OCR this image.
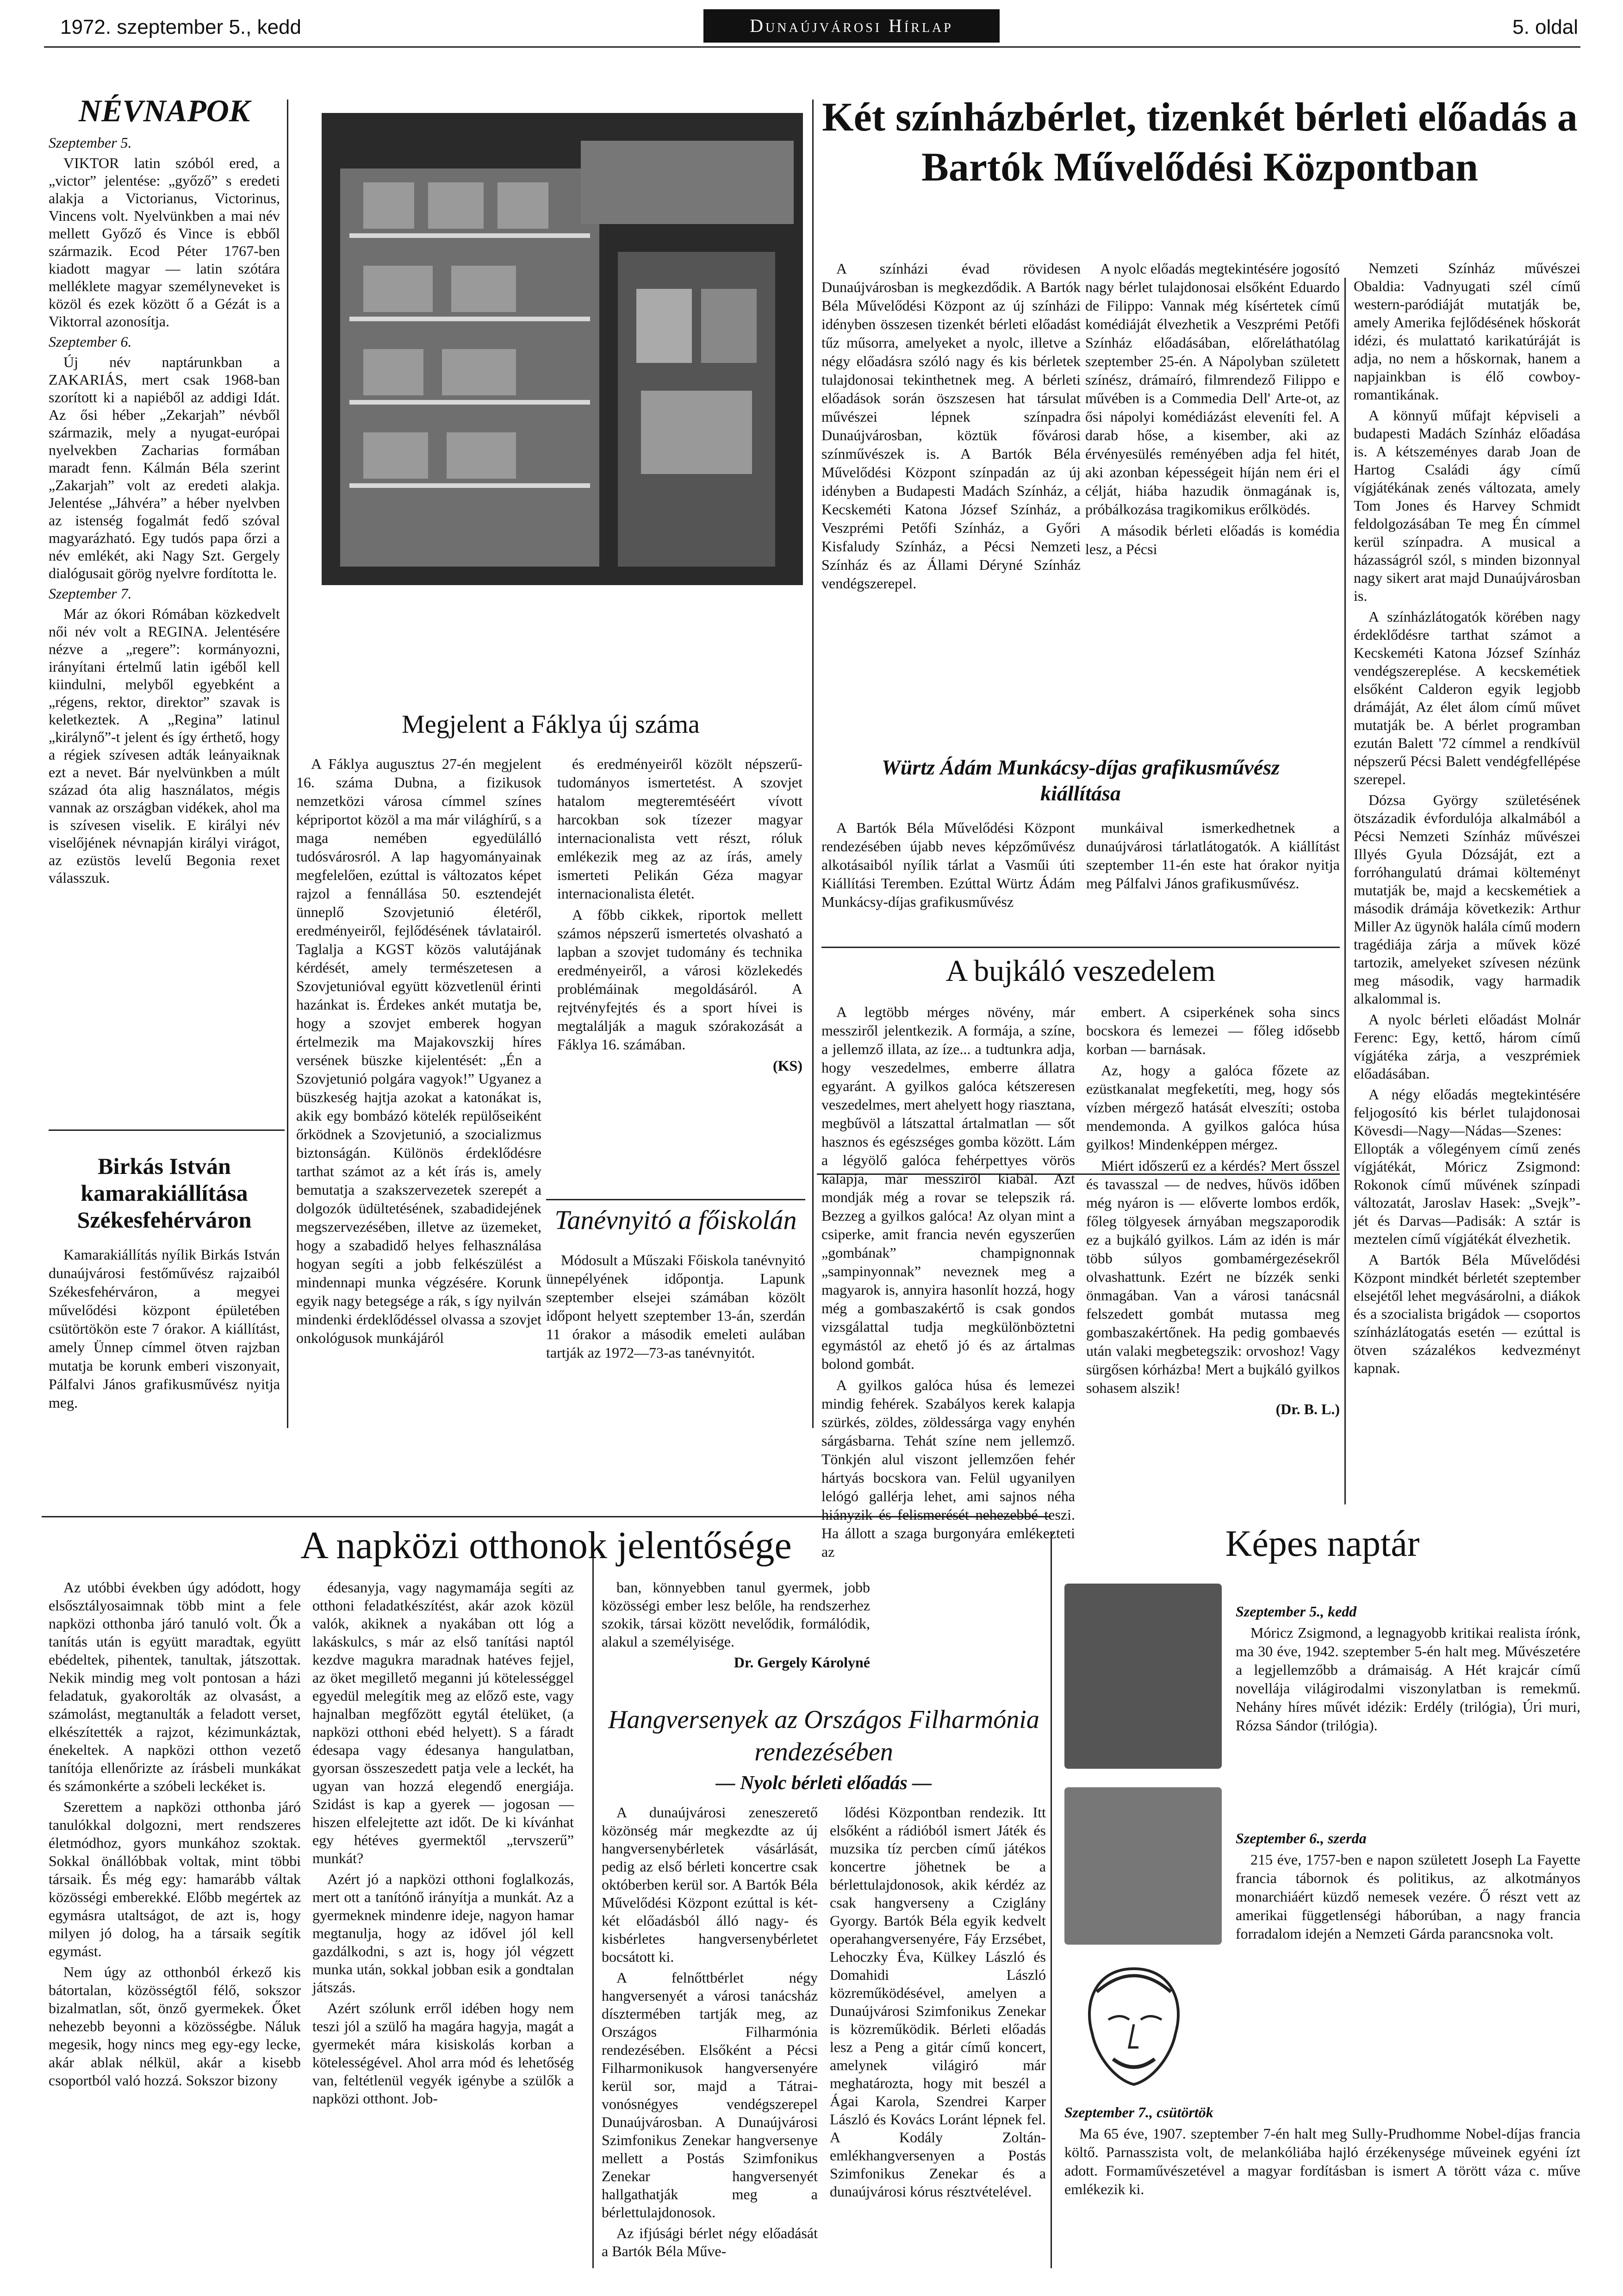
1972. szeptember 5., kedd	Dunaújvárosi Hírlap	5. oldal
NÉVNAPOK

Szeptember 5.

VIKTOR latin szóból ered, a „victor” jelentése: „győző” s eredeti alakja a Victorianus, Victorinus, Vincens volt. Nyelvünkben a mai név mellett Győző és Vince is ebből származik. Ecod Péter 1767-ben kiadott magyar — latin szótára melléklete magyar személyneveket is közöl és ezek között ő a Gézát is a Viktorral azonosítja.

Szeptember 6.

Új név naptárunkban a ZAKARIÁS, mert csak 1968-ban szorított ki a napiéből az addigi Idát. Az ősi héber „Zekarjah” névből származik, mely a nyugat-európai nyelvekben Zacharias formában maradt fenn. Kálmán Béla szerint „Zakarjah” volt az eredeti alakja. Jelentése „Jáhvéra” a héber nyelvben az istenség fogalmát fedő szóval magyarázható. Egy tudós papa őrzi a név emlékét, aki Nagy Szt. Gergely dialógusait görög nyelvre fordította le.

Szeptember 7.

Már az ókori Rómában közkedvelt női név volt a REGINA. Jelentésére nézve a „regere”: kormányozni, irányítani értelmű latin igéből kell kiindulni, melyből egyebként a „régens, rektor, direktor” szavak is keletkeztek. A „Regina” latinul „királynő”-t jelent és így érthető, hogy a régiek szívesen adták leányaiknak ezt a nevet. Bár nyelvünkben a múlt század óta alig használatos, mégis vannak az országban vidékek, ahol ma is szívesen viselik. E királyi név viselőjének névnapján királyi virágot, az ezüstös levelű Begonia rexet válasszuk.

Birkás István kamarakiállítása Székesfehérváron

Kamarakiállítás nyílik Birkás István dunaújvárosi festőművész rajzaiból Székesfehérváron, a megyei művelődési központ épületében csütörtökön este 7 órakor. A kiállítást, amely Ünnep címmel ötven rajzban mutatja be korunk emberi viszonyait, Pálfalvi János grafikusművész nyitja meg.

Megjelent a Fáklya új száma

A Fáklya augusztus 27-én megjelent 16. száma Dubna, a fizikusok nemzetközi városa címmel színes képriportot közöl a ma már világhírű, s a maga nemében egyedülálló tudósvárosról. A lap hagyományainak megfelelően, ezúttal is változatos képet rajzol a fennállása 50. esztendejét ünneplő Szovjetunió életéről, eredményeiről, fejlődésének távlatairól. Taglalja a KGST közös valutájának kérdését, amely természetesen a Szovjetunióval együtt közvetlenül érinti hazánkat is. Érdekes ankét mutatja be, hogy a szovjet emberek hogyan értelmezik ma Majakovszkij híres versének büszke kijelentését: „Én a Szovjetunió polgára vagyok!” Ugyanez a büszkeség hajtja azokat a katonákat is, akik egy bombázó kötelék repülőseiként őrködnek a Szovjetunió, a szocializmus biztonságán. Különös érdeklődésre tarthat számot az a két írás is, amely bemutatja a szakszervezetek szerepét a dolgozók üdültetésének, szabadidejének megszervezésében, illetve az üzemeket, hogy a szabadidő helyes felhasználása hogyan segíti a jobb felkészülést a mindennapi munka végzésére. Korunk egyik nagy betegsége a rák, s így nyilván mindenki érdeklődéssel olvassa a szovjet onkológusok munkájáról

és eredményeiről közölt népszerű-tudományos ismertetést. A szovjet hatalom megteremtéséért vívott harcokban sok tízezer magyar internacionalista vett részt, róluk emlékezik meg az az írás, amely ismerteti Pelikán Géza magyar internacionalista életét.

A főbb cikkek, riportok mellett számos népszerű ismertetés olvasható a lapban a szovjet tudomány és technika eredményeiről, a városi közlekedés problémáinak megoldásáról. A rejtvényfejtés és a sport hívei is megtalálják a maguk szórakozását a Fáklya 16. számában.

(KS)

Tanévnyitó a főiskolán

Módosult a Műszaki Főiskola tanévnyitó ünnepélyének időpontja. Lapunk szeptember elsejei számában közölt időpont helyett szeptember 13-án, szerdán 11 órakor a második emeleti aulában tartják az 1972—73-as tanévnyitót.

Két színházbérlet, tizenkét bérleti előadás a Bartók Művelődési Központban

A színházi évad rövidesen Dunaújvárosban is megkezdődik. A Bartók Béla Művelődési Központ az új színházi idényben összesen tizenkét bérleti előadást tűz műsorra, amelyeket a nyolc, illetve a négy előadásra szóló nagy és kis bérletek tulajdonosai tekinthetnek meg. A bérleti előadások során öszszesen hat társulat művészei lépnek színpadra Dunaújvárosban, köztük fővárosi színművészek is. A Bartók Béla Művelődési Központ színpadán az új idényben a Budapesti Madách Színház, a Kecskeméti Katona József Színház, a Veszprémi Petőfi Színház, a Győri Kisfaludy Színház, a Pécsi Nemzeti Színház és az Állami Déryné Színház vendégszerepel.

A nyolc előadás megtekintésére jogosító nagy bérlet tulajdonosai elsőként Eduardo de Filippo: Vannak még kísértetek című komédiáját élvezhetik a Veszprémi Petőfi Színház előadásában, előreláthatólag szeptember 25-én. A Nápolyban született színész, drámaíró, filmrendező Filippo e művében is a Commedia Dell' Arte-ot, az ősi nápolyi komédiázást eleveníti fel. A darab hőse, a kisember, aki az érvényesülés reményében adja fel hitét, aki azonban képességeit híján nem éri el célját, hiába hazudik önmagának is, próbálkozása tragikomikus erőlködés.

A második bérleti előadás is komédia lesz, a Pécsi

Nemzeti Színház művészei Obaldia: Vadnyugati szél című western-paródiáját mutatják be, amely Amerika fejlődésének hőskorát idézi, és mulattató karikatúráját is adja, no nem a hőskornak, hanem a napjainkban is élő cowboy-romantikának.

A könnyű műfajt képviseli a budapesti Madách Színház előadása is. A kétszeményes darab Joan de Hartog Családi ágy című vígjátékának zenés változata, amely Tom Jones és Harvey Schmidt feldolgozásában Te meg Én címmel kerül színpadra. A musical a házasságról szól, s minden bizonnyal nagy sikert arat majd Dunaújvárosban is.

A színházlátogatók körében nagy érdeklődésre tarthat számot a Kecskeméti Katona József Színház vendégszereplése. A kecskemétiek elsőként Calderon egyik legjobb drámáját, Az élet álom című művet mutatják be. A bérlet programban ezután Balett '72 címmel a rendkívül népszerű Pécsi Balett vendégfellépése szerepel.

Dózsa György születésének ötszázadik évfordulója alkalmából a Pécsi Nemzeti Színház művészei Illyés Gyula Dózsáját, ezt a forróhangulatú drámai költeményt mutatják be, majd a kecskemétiek a második drámája következik: Arthur Miller Az ügynök halála című modern tragédiája zárja a művek közé tartozik, amelyeket szívesen nézünk meg második, vagy harmadik alkalommal is.

A nyolc bérleti előadást Molnár Ferenc: Egy, kettő, három című vígjátéka zárja, a veszprémiek előadásában.

A négy előadás megtekintésére feljogosító kis bérlet tulajdonosai Kövesdi—Nagy—Nádas—Szenes: Ellopták a vőlegényem című zenés vígjátékát, Móricz Zsigmond: Rokonok című művének színpadi változatát, Jaroslav Hasek: „Svejk”-jét és Darvas—Padisák: A sztár is meztelen című vígjátékát élvezhetik.

A Bartók Béla Művelődési Központ mindkét bérletét szeptember elsejétől lehet megvásárolni, a diákok és a szocialista brigádok — csoportos színházlátogatás esetén — ezúttal is ötven százalékos kedvezményt kapnak.

Würtz Ádám Munkácsy-díjas grafikusművész kiállítása

A Bartók Béla Művelődési Központ rendezésében újabb neves képzőművész alkotásaiból nyílik tárlat a Vasműi úti Kiállítási Teremben. Ezúttal Würtz Ádám Munkácsy-díjas grafikusművész

munkáival ismerkedhetnek a dunaújvárosi tárlatlátogatók. A kiállítást szeptember 11-én este hat órakor nyitja meg Pálfalvi János grafikusművész.

A bujkáló veszedelem

A legtöbb mérges növény, már messziről jelentkezik. A formája, a színe, a jellemző illata, az íze... a tudtunkra adja, hogy veszedelmes, emberre állatra egyaránt. A gyilkos galóca kétszeresen veszedelmes, mert ahelyett hogy riasztana, megbűvöl a látszattal ártalmatlan — sőt hasznos és egészséges gomba között. Lám a légyölő galóca fehérpettyes vörös kalapja, már messziről kiabál. Azt mondják még a rovar se telepszik rá. Bezzeg a gyilkos galóca! Az olyan mint a csiperke, amit francia nevén egyszerűen „gombának” champignonnak „sampinyonnak” neveznek meg a magyarok is, annyira hasonlít hozzá, hogy még a gombaszakértő is csak gondos vizsgálattal tudja megkülönböztetni egymástól az ehető jó és az ártalmas bolond gombát.

A gyilkos galóca húsa és lemezei mindig fehérek. Szabályos kerek kalapja szürkés, zöldes, zöldessárga vagy enyhén sárgásbarna. Tehát színe nem jellemző. Tönkjén alul viszont jellemzően fehér hártyás bocskora van. Felül ugyanilyen lelógó gallérja lehet, ami sajnos néha hiányzik és felismerését nehezebbé teszi. Ha állott a szaga burgonyára emlékezteti az

embert. A csiperkének soha sincs bocskora és lemezei — főleg idősebb korban — barnásak.

Az, hogy a galóca főzete az ezüstkanalat megfeketíti, meg, hogy sós vízben mérgező hatását elveszíti; ostoba mendemonda. A gyilkos galóca húsa gyilkos! Mindenképpen mérgez.

Miért időszerű ez a kérdés? Mert ősszel és tavasszal — de nedves, hűvös időben még nyáron is — előverte lombos erdők, főleg tölgyesek árnyában megszaporodik ez a bujkáló gyilkos. Lám az idén is már több súlyos gombamérgezésekről olvashattunk. Ezért ne bízzék senki önmagában. Van a városi tanácsnál felszedett gombát mutassa meg gombaszakértőnek. Ha pedig gombaevés után valaki megbetegszik: orvoshoz! Vagy sürgősen kórházba! Mert a bujkáló gyilkos sohasem alszik!

(Dr. B. L.)

A napközi otthonok jelentősége

Az utóbbi években úgy adódott, hogy elsősztályosaimnak több mint a fele napközi otthonba járó tanuló volt. Ők a tanítás után is együtt maradtak, együtt ebédeltek, pihentek, tanultak, játszottak. Nekik mindig meg volt pontosan a házi feladatuk, gyakorolták az olvasást, a számolást, megtanulták a feladott verset, elkészítették a rajzot, kézimunkáztak, énekeltek. A napközi otthon vezető tanítója ellenőrizte az írásbeli munkákat és számonkérte a szóbeli leckéket is.

Szerettem a napközi otthonba járó tanulókkal dolgozni, mert rendszeres életmódhoz, gyors munkához szoktak. Sokkal önállóbbak voltak, mint többi társaik. És még egy: hamarább váltak közösségi emberekké. Előbb megértek az egymásra utaltságot, de azt is, hogy milyen jó dolog, ha a társaik segítik egymást.

Nem úgy az otthonból érkező kis bátortalan, közösségtől félő, sokszor bizalmatlan, sőt, önző gyermekek. Őket nehezebb beyonni a közösségbe. Náluk megesik, hogy nincs meg egy-egy lecke, akár ablak nélkül, akár a kisebb csoportból való hozzá. Sokszor bizony

édesanyja, vagy nagymamája segíti az otthoni feladatkészítést, akár azok közül valók, akiknek a nyakában ott lóg a lakáskulcs, s már az első tanítási naptól kezdve magukra maradnak hatéves fejjel, az öket megillető meganni jú kötelességgel egyedül melegítik meg az előző este, vagy hajnalban megfőzött egytál ételüket, (a napközi otthoni ebéd helyett). S a fáradt édesapa vagy édesanya hangulatban, gyorsan összeszedett patja vele a leckét, ha ugyan van hozzá elegendő energiája. Szidást is kap a gyerek — jogosan — hiszen elfelejtette azt időt. De ki kívánhat egy hétéves gyermektől „tervszerű” munkát?

Azért jó a napközi otthoni foglalkozás, mert ott a tanítónő irányítja a munkát. Az a gyermeknek mindenre ideje, nagyon hamar megtanulja, hogy az idővel jól kell gazdálkodni, s azt is, hogy jól végzett munka után, sokkal jobban esik a gondtalan játszás.

Azért szólunk erről idében hogy nem teszi jól a szülő ha magára hagyja, magát a gyermekét mára kisiskolás korban a kötelességével. Ahol arra mód és lehetőség van, feltétlenül vegyék igénybe a szülők a napközi otthont. Job-

ban, könnyebben tanul gyermek, jobb közösségi ember lesz belőle, ha rendszerhez szokik, társai között nevelődik, formálódik, alakul a személyisége.

Dr. Gergely Károlyné

Hangversenyek az Országos Filharmónia rendezésében
— Nyolc bérleti előadás —

A dunaújvárosi zeneszerető közönség már megkezdte az új hangversenybérletek vásárlását, pedig az első bérleti koncertre csak októberben kerül sor. A Bartók Béla Művelődési Központ ezúttal is két-két előadásból álló nagy- és kisbérletes hangversenybérletet bocsátott ki.

A felnőttbérlet négy hangversenyét a városi tanácsház dísztermében tartják meg, az Országos Filharmónia rendezésében. Elsőként a Pécsi Filharmonikusok hangversenyére kerül sor, majd a Tátrai-vonósnégyes vendégszerepel Dunaújvárosban. A Dunaújvárosi Szimfonikus Zenekar hangversenye mellett a Postás Szimfonikus Zenekar hangversenyét hallgathatják meg a bérlettulajdonosok.

Az ifjúsági bérlet négy előadását a Bartók Béla Műve-

lődési Központban rendezik. Itt elsőként a rádióból ismert Játék és muzsika tíz percben című játékos koncertre jöhetnek be a bérlettulajdonosok, akik kérdéz az csak hangverseny a Cziglány Gyorgy. Bartók Béla egyik kedvelt operahangversenyére, Fáy Erzsébet, Lehoczky Éva, Külkey László és Domahidi László közreműködésével, amelyen a Dunaújvárosi Szimfonikus Zenekar is közreműködik. Bérleti előadás lesz a Peng a gitár című koncert, amelynek világiró már meghatározta, hogy mit beszél a Ágai Karola, Szendrei Karper László és Kovács Loránt lépnek fel. A Kodály Zoltán-emlékhangversenyen a Postás Szimfonikus Zenekar és a dunaújvárosi kórus résztvételével.

Képes naptár

Szeptember 5., kedd

Móricz Zsigmond, a legnagyobb kritikai realista írónk, ma 30 éve, 1942. szeptember 5-én halt meg. Művészetére a legjellemzőbb a drámaiság. A Hét krajcár című novellája világirodalmi viszonylatban is remekmű. Nehány híres művét idézik: Erdély (trilógia), Úri muri, Rózsa Sándor (trilógia).

Szeptember 6., szerda

215 éve, 1757-ben e napon született Joseph La Fayette francia tábornok és politikus, az alkotmányos monarchiáért küzdő nemesek vezére. Ő részt vett az amerikai függetlenségi háborúban, a nagy francia forradalom idején a Nemzeti Gárda parancsnoka volt.

Szeptember 7., csütörtök

Ma 65 éve, 1907. szeptember 7-én halt meg Sully-Prudhomme Nobel-díjas francia költő. Parnasszista volt, de melankóliába hajló érzékenysége műveinek egyéni ízt adott. Formaművészetével a magyar fordításban is ismert A törött váza c. műve emlékezik ki.
